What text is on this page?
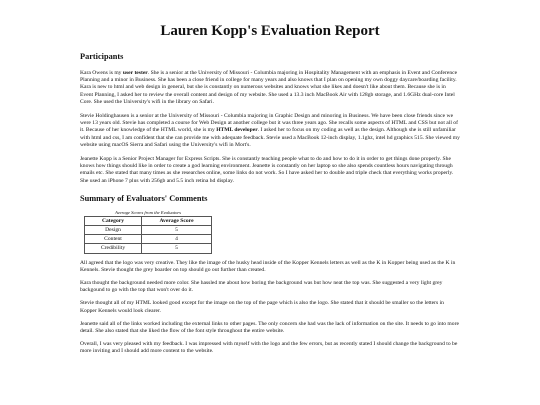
Lauren Kopp's Evaluation Report
Participants

Kara Owens is my user tester. She is a senior at the University of Missouri - Columbia majoring in Hospitality Management with an emphasis in Event and Conference Planning and a minor in Business. She has been a close friend in college for many years and also knows that I plan on opening my own doggy daycare/boarding facility. Kara is new to html and web design in general, but she is constantly on numerous websites and knows what she likes and doesn't like about them. Because she is in Event Planning, I asked her to review the overall content and design of my website. She used a 13.3 inch MacBook Air with 128gb storage, and 1.6GHz dual-core Intel Core. She used the University's wifi in the library on Safari.

Stevie Holdinghausen is a senior at the University of Missouri - Columbia majoring in Graphic Design and minoring in Business. We have been close friends since we were 13 years old. Stevie has completed a course for Web Design at another college but it was three years ago. She recalls some aspects of HTML and CSS but not all of it. Because of her knowledge of the HTML world, she is my HTML developer. I asked her to focus on my coding as well as the design. Although she is still unfamiliar with html and css, I am confident that she can provide me with adequate feedback. Stevie used a MacBook 12-inch display, 1.1ghz, intel hd graphics 515. She viewed my website using macOS Sierra and Safari using the University's wifi in Mort's.

Jeanette Kopp is a Senior Project Manager for Express Scripts. She is constantly teaching people what to do and how to do it in order to get things done properly. She knows how things should like in order to create a god learning environment. Jeanette is constantly on her laptop so she also spends countless hours navigating through emails etc. She stated that many times as she researches online, some links do not work. So I have asked her to double and triple check that everything works properly. She used an iPhone 7 plus with 256gb and 5.5 inch retina hd display.

Summary of Evaluators' Comments
Average Scores from the Evaluators
Category	Average Score
Design	5
Content	4
Credibility	5

All agreed that the logo was very creative. They like the image of the husky head inside of the Kopper Kennels letters as well as the K in Kopper being used as the K in Kennels. Stevie thought the grey boarder on top should go out further than created.

Kara thought the background needed more color. She hassled me about how boring the background was but how neat the top was. She suggested a very light grey backgound to go with the top that won't over do it.

Stevie thought all of my HTML looked good except for the image on the top of the page which is also the logo. She stated that it should be smaller so the letters in Kopper Kennels would look clearer.

Jeanette said all of the links worked including the external links to other pages. The only concern she had was the lack of information on the site. It needs to go into more detail. She also stated that she liked the flow of the font style throughout the entire website.

Overall, I was very pleased with my feedback. I was impressed with myself with the logo and the few errors, but as recently stated I should change the background to be more inviting and I should add more content to the website.
